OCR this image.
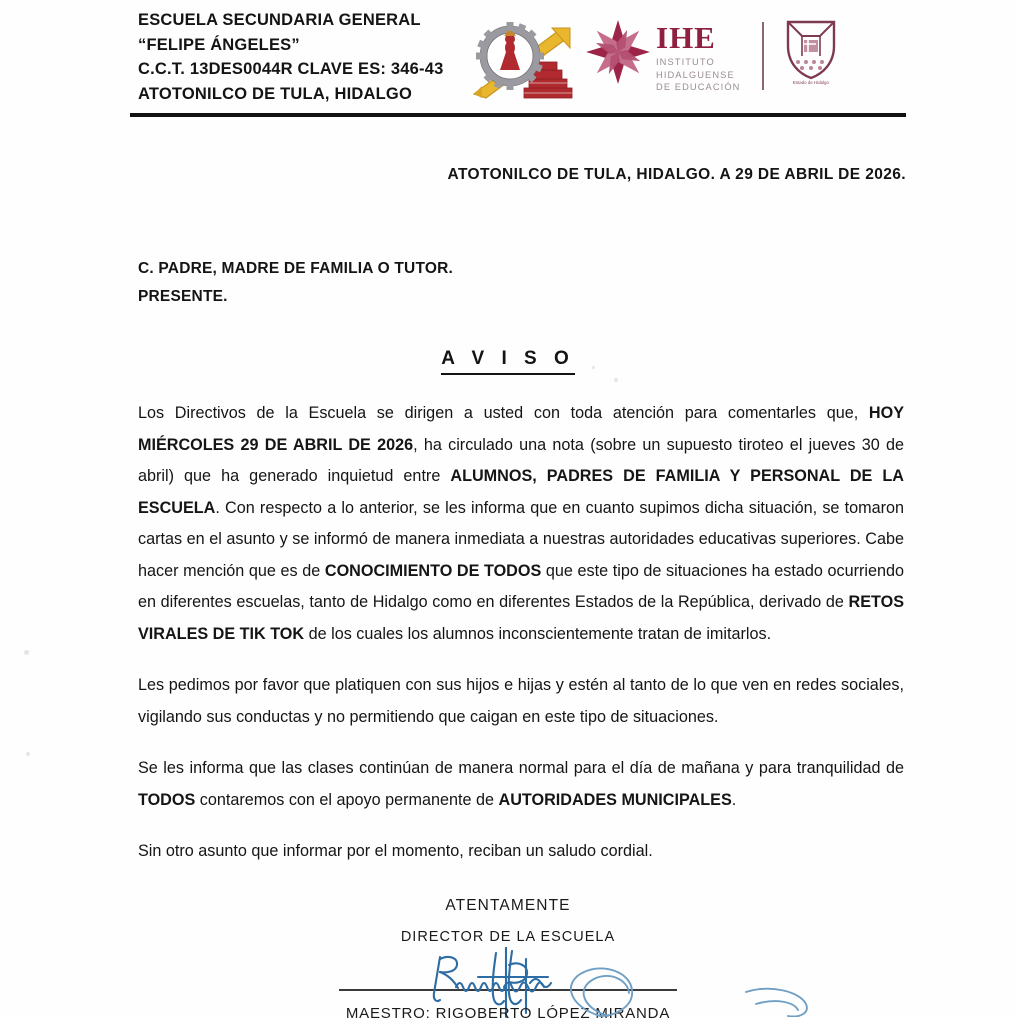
ESCUELA SECUNDARIA GENERAL
“FELIPE ÁNGELES”
C.C.T. 13DES0044R CLAVE ES: 346-43
ATOTONILCO DE TULA, HIDALGO
IHE
INSTITUTO HIDALGUENSE
DE EDUCACIÓN	Estado de Hidalgo
ATOTONILCO DE TULA, HIDALGO. A 29 DE ABRIL DE 2026.
C. PADRE, MADRE DE FAMILIA O TUTOR.
PRESENTE.
A V I S O

Los Directivos de la Escuela se dirigen a usted con toda atención para comentarles que, HOY MIÉRCOLES 29 DE ABRIL DE 2026, ha circulado una nota (sobre un supuesto tiroteo el jueves 30 de abril) que ha generado inquietud entre ALUMNOS, PADRES DE FAMILIA Y PERSONAL DE LA ESCUELA. Con respecto a lo anterior, se les informa que en cuanto supimos dicha situación, se tomaron cartas en el asunto y se informó de manera inmediata a nuestras autoridades educativas superiores. Cabe hacer mención que es de CONOCIMIENTO DE TODOS que este tipo de situaciones ha estado ocurriendo en diferentes escuelas, tanto de Hidalgo como en diferentes Estados de la República, derivado de RETOS VIRALES DE TIK TOK de los cuales los alumnos inconscientemente tratan de imitarlos.

Les pedimos por favor que platiquen con sus hijos e hijas y estén al tanto de lo que ven en redes sociales, vigilando sus conductas y no permitiendo que caigan en este tipo de situaciones.

Se les informa que las clases continúan de manera normal para el día de mañana y para tranquilidad de TODOS contaremos con el apoyo permanente de AUTORIDADES MUNICIPALES.

Sin otro asunto que informar por el momento, reciban un saludo cordial.

ATENTAMENTE
DIRECTOR DE LA ESCUELA
MAESTRO: RIGOBERTO LÓPEZ MIRANDA
